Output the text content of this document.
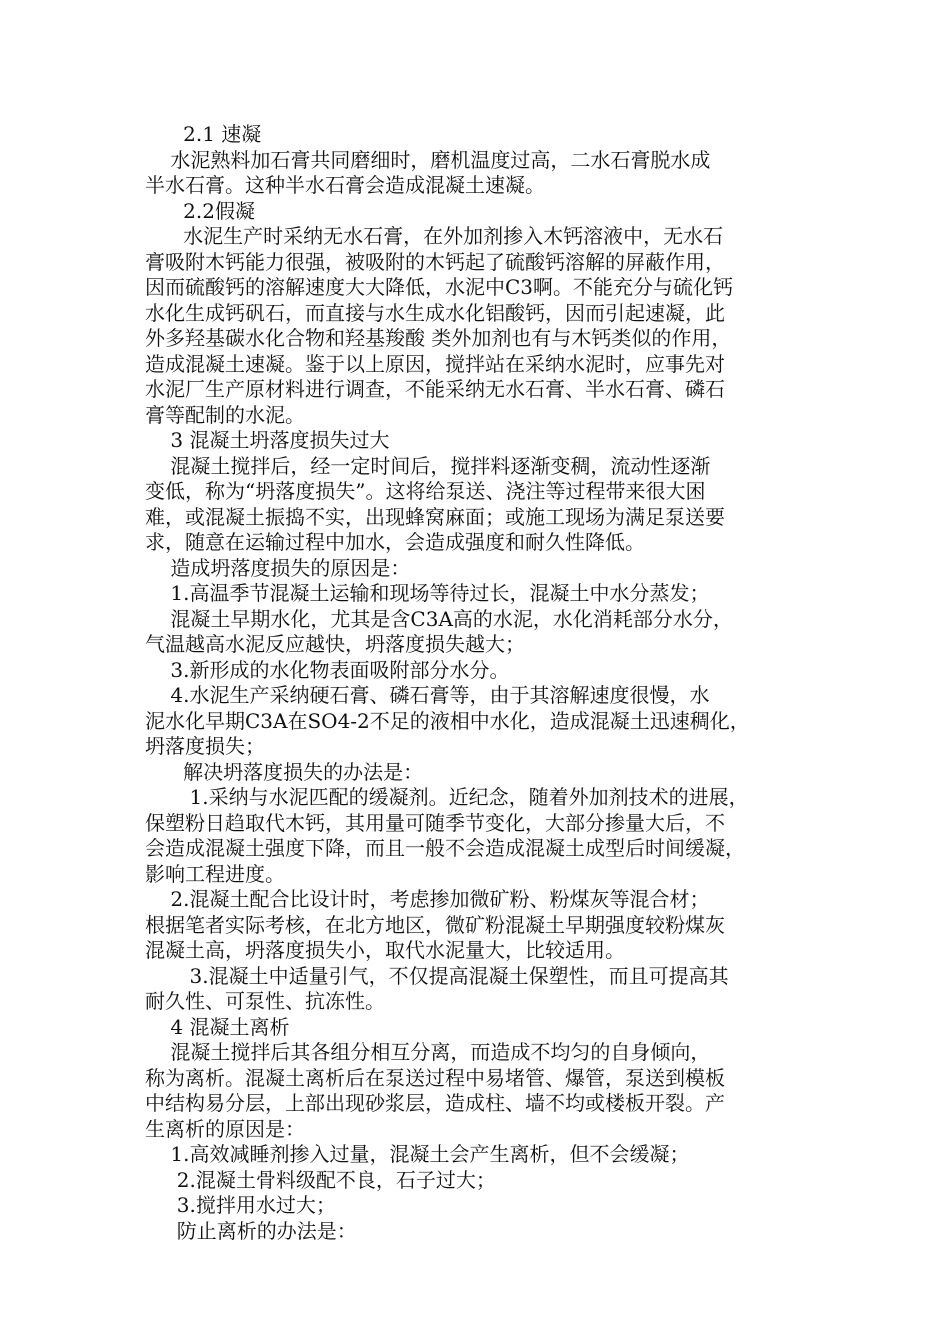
2.1 速凝
水泥熟料加石膏共同磨细时，磨机温度过高，二水石膏脱水成
半水石膏。这种半水石膏会造成混凝土速凝。
2.2假凝
水泥生产时采纳无水石膏，在外加剂掺入木钙溶液中，无水石
膏吸附木钙能力很强，被吸附的木钙起了硫酸钙溶解的屏蔽作用，
因而硫酸钙的溶解速度大大降低，水泥中C3啊。不能充分与硫化钙
水化生成钙矾石，而直接与水生成水化铝酸钙，因而引起速凝，此
外多羟基碳水化合物和羟基羧酸 类外加剂也有与木钙类似的作用，
造成混凝土速凝。鉴于以上原因，搅拌站在采纳水泥时，应事先对
水泥厂生产原材料进行调查，不能采纳无水石膏、半水石膏、磷石
膏等配制的水泥。
3 混凝土坍落度损失过大
混凝土搅拌后，经一定时间后，搅拌料逐渐变稠，流动性逐渐
变低，称为“坍落度损失”。这将给泵送、浇注等过程带来很大困
难，或混凝土振捣不实，出现蜂窝麻面；或施工现场为满足泵送要
求，随意在运输过程中加水，会造成强度和耐久性降低。
造成坍落度损失的原因是：
1.高温季节混凝土运输和现场等待过长，混凝土中水分蒸发；
混凝土早期水化，尤其是含C3A高的水泥，水化消耗部分水分，
气温越高水泥反应越快，坍落度损失越大；
3.新形成的水化物表面吸附部分水分。
4.水泥生产采纳硬石膏、磷石膏等，由于其溶解速度很慢，水
泥水化早期C3A在SO4-2不足的液相中水化，造成混凝土迅速稠化，
坍落度损失；
解决坍落度损失的办法是：
1.采纳与水泥匹配的缓凝剂。近纪念，随着外加剂技术的进展，
保塑粉日趋取代木钙，其用量可随季节变化，大部分掺量大后，不
会造成混凝土强度下降，而且一般不会造成混凝土成型后时间缓凝，
影响工程进度。
2.混凝土配合比设计时，考虑掺加微矿粉、粉煤灰等混合材；
根据笔者实际考核，在北方地区，微矿粉混凝土早期强度较粉煤灰
混凝土高，坍落度损失小，取代水泥量大，比较适用。
3.混凝土中适量引气，不仅提高混凝土保塑性，而且可提高其
耐久性、可泵性、抗冻性。
4 混凝土离析
混凝土搅拌后其各组分相互分离，而造成不均匀的自身倾向，
称为离析。混凝土离析后在泵送过程中易堵管、爆管，泵送到模板
中结构易分层，上部出现砂浆层，造成柱、墙不均或楼板开裂。产
生离析的原因是：
1.高效减睡剂掺入过量，混凝土会产生离析，但不会缓凝；
2.混凝土骨料级配不良，石子过大；
3.搅拌用水过大；
防止离析的办法是：
